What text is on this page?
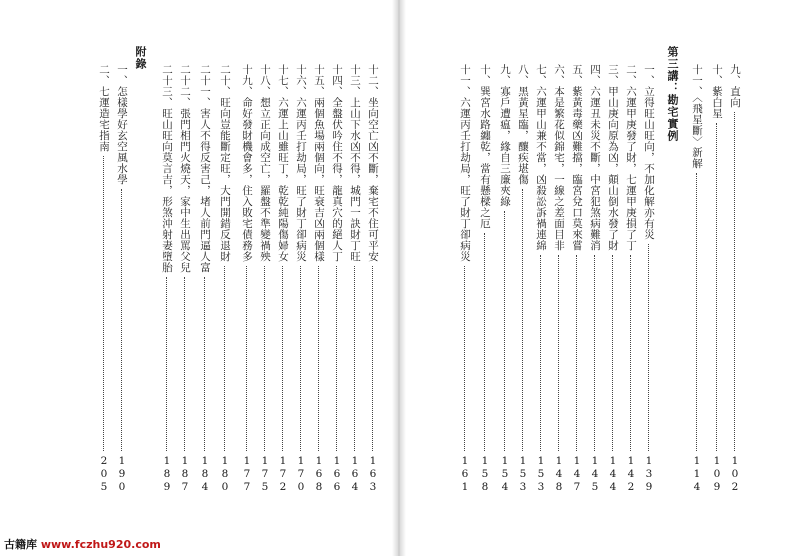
九、直向
102
十、紫白星
109
十一、〈飛星斷〉新解
114
第三講：勘宅實例
一、立得旺山旺向，不加化解亦有災
139
二、六運甲庚發了財，七運甲庚損了丁
142
三、甲山庚向原為凶，顛山倒水發了財
144
四、六運丑未災不斷，中宮犯煞病難消
145
五、紫黃毒藥凶難擋，臨宮兌口莫來嘗
147
六、本是繁花似錦宅，一線之差面目非
148
七、六運甲山兼不當，凶殺訟訴禍連綿
153
八、黑黃星臨，釀疾堪傷
153
九、寡戶遭瘟，緣自三廉夾綠
154
十、巽宮水路纏乾，當有懸樑之厄
158
十一、六運丙壬打劫局，旺了財丁卻病災
161
十二、坐向空亡凶不斷，棄宅不住可平安
163
十三、上山下水凶不得，城門一訣財丁旺
164
十四、全盤伏吟住不得，龍真穴的絕人丁
166
十五、兩個魚場兩個向，旺衰吉凶兩個樣
168
十六、六運丙壬打劫局，旺了財丁卻病災
170
十七、六運上山雖旺丁，乾乾純陽傷婦女
172
十八、想立正向成空亡，羅盤不準變禍殃
175
十九、命好發財機會多，住入敗宅債務多
177
二十、旺向豈能斷定旺，大門開錯反退財
180
二十一、害人不得反害己，堵人前門逼人富
184
二十二、張門相門火燒天，家中生出罵父兒
187
二十三、旺山旺向莫言吉，形煞沖射妻墮胎
189
附錄
一、怎樣學好玄空風水學
190
二、七運造宅指南
205
古籍库 www.fczhu920.com
